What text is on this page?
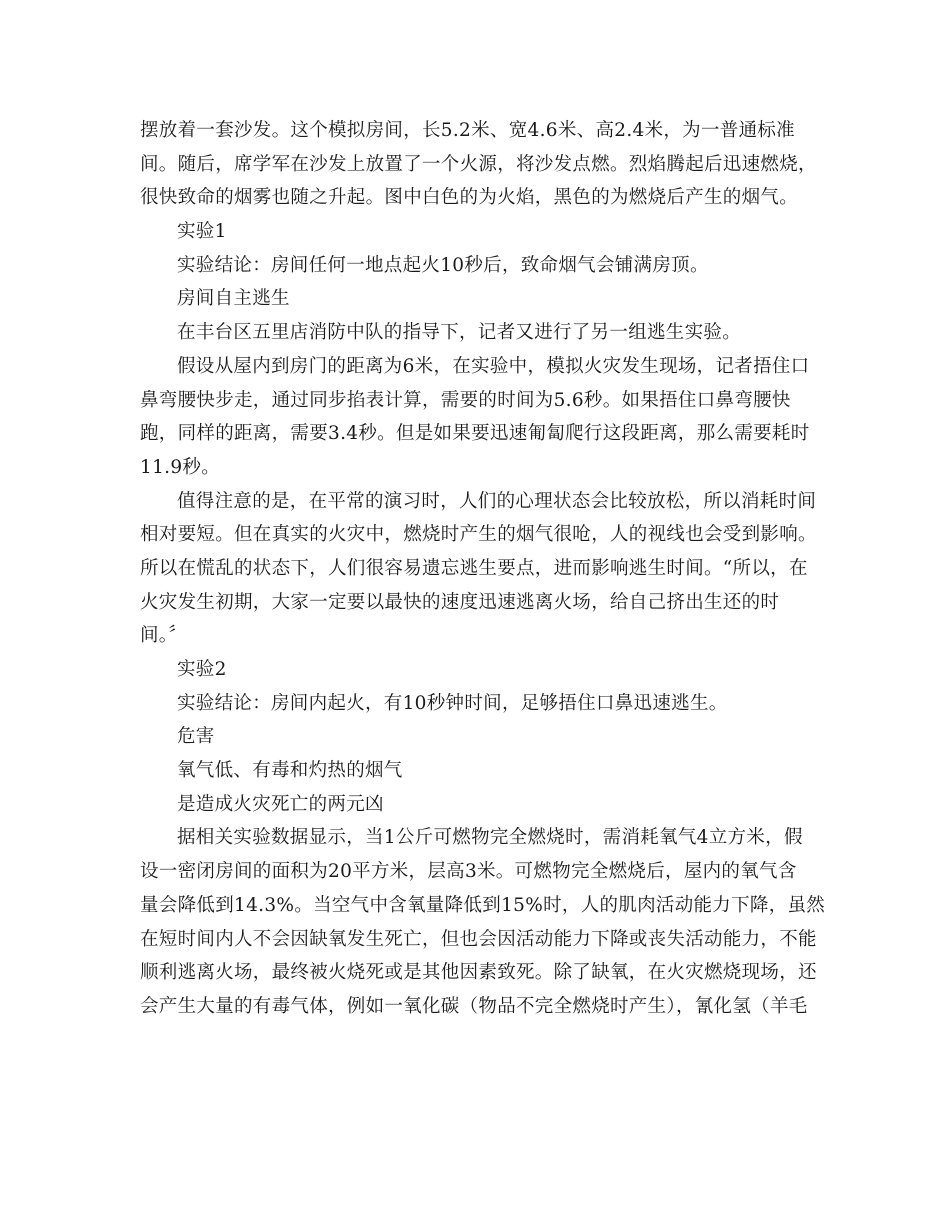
摆放着一套沙发。这个模拟房间，长5.2米、宽4.6米、高2.4米，为一普通标准
间。随后，席学军在沙发上放置了一个火源，将沙发点燃。烈焰腾起后迅速燃烧，
很快致命的烟雾也随之升起。图中白色的为火焰，黑色的为燃烧后产生的烟气。
实验1
实验结论：房间任何一地点起火10秒后，致命烟气会铺满房顶。
房间自主逃生
在丰台区五里店消防中队的指导下，记者又进行了另一组逃生实验。
假设从屋内到房门的距离为6米，在实验中，模拟火灾发生现场，记者捂住口
鼻弯腰快步走，通过同步掐表计算，需要的时间为5.6秒。如果捂住口鼻弯腰快
跑，同样的距离，需要3.4秒。但是如果要迅速匍匐爬行这段距离，那么需要耗时
11.9秒。
值得注意的是，在平常的演习时，人们的心理状态会比较放松，所以消耗时间
相对要短。但在真实的火灾中，燃烧时产生的烟气很呛，人的视线也会受到影响。
所以在慌乱的状态下，人们很容易遗忘逃生要点，进而影响逃生时间。“所以，在
火灾发生初期，大家一定要以最快的速度迅速逃离火场，给自己挤出生还的时
间。〞
实验2
实验结论：房间内起火，有10秒钟时间，足够捂住口鼻迅速逃生。
危害
氧气低、有毒和灼热的烟气
是造成火灾死亡的两元凶
据相关实验数据显示，当1公斤可燃物完全燃烧时，需消耗氧气4立方米，假
设一密闭房间的面积为20平方米，层高3米。可燃物完全燃烧后，屋内的氧气含
量会降低到14.3%。当空气中含氧量降低到15%时，人的肌肉活动能力下降，虽然
在短时间内人不会因缺氧发生死亡，但也会因活动能力下降或丧失活动能力，不能
顺利逃离火场，最终被火烧死或是其他因素致死。除了缺氧，在火灾燃烧现场，还
会产生大量的有毒气体，例如一氧化碳（物品不完全燃烧时产生），氰化氢（羊毛
